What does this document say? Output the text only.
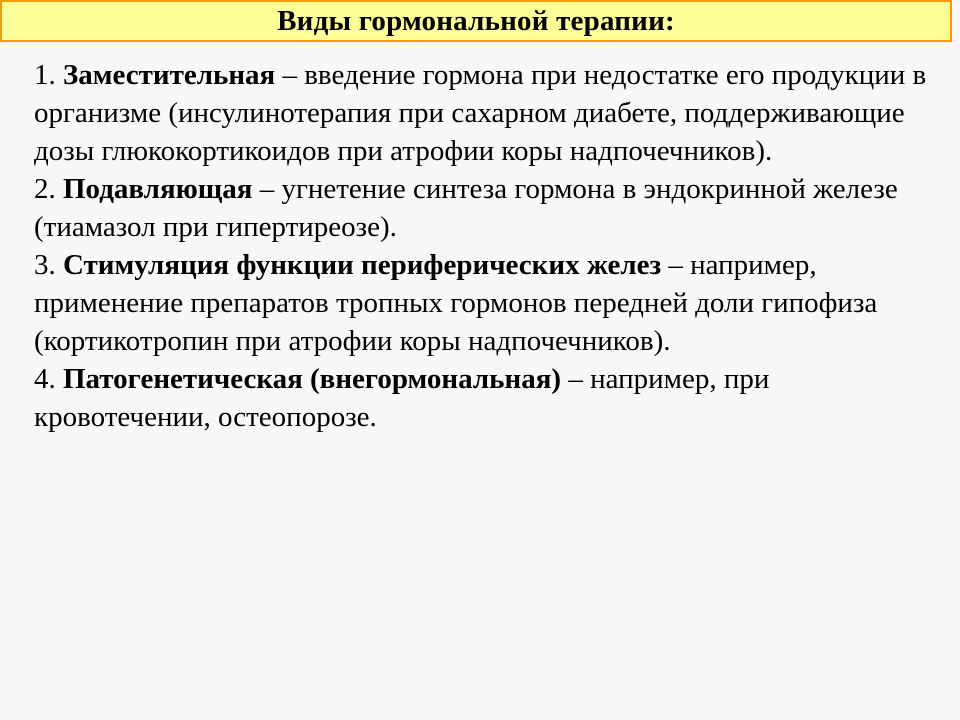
Виды гормональной терапии:

1. Заместительная – введение гормона при недостатке его продукции в организме (инсулинотерапия при сахарном диабете, поддерживающие дозы глюкокортикоидов при атрофии коры надпочечников).

2. Подавляющая – угнетение синтеза гормона в эндокринной железе (тиамазол при гипертиреозе).

3. Стимуляция функции периферических желез – например, применение препаратов тропных гормонов передней доли гипофиза (кортикотропин при атрофии коры надпочечников).

4. Патогенетическая (внегормональная) – например, при кровотечении, остеопорозе.
